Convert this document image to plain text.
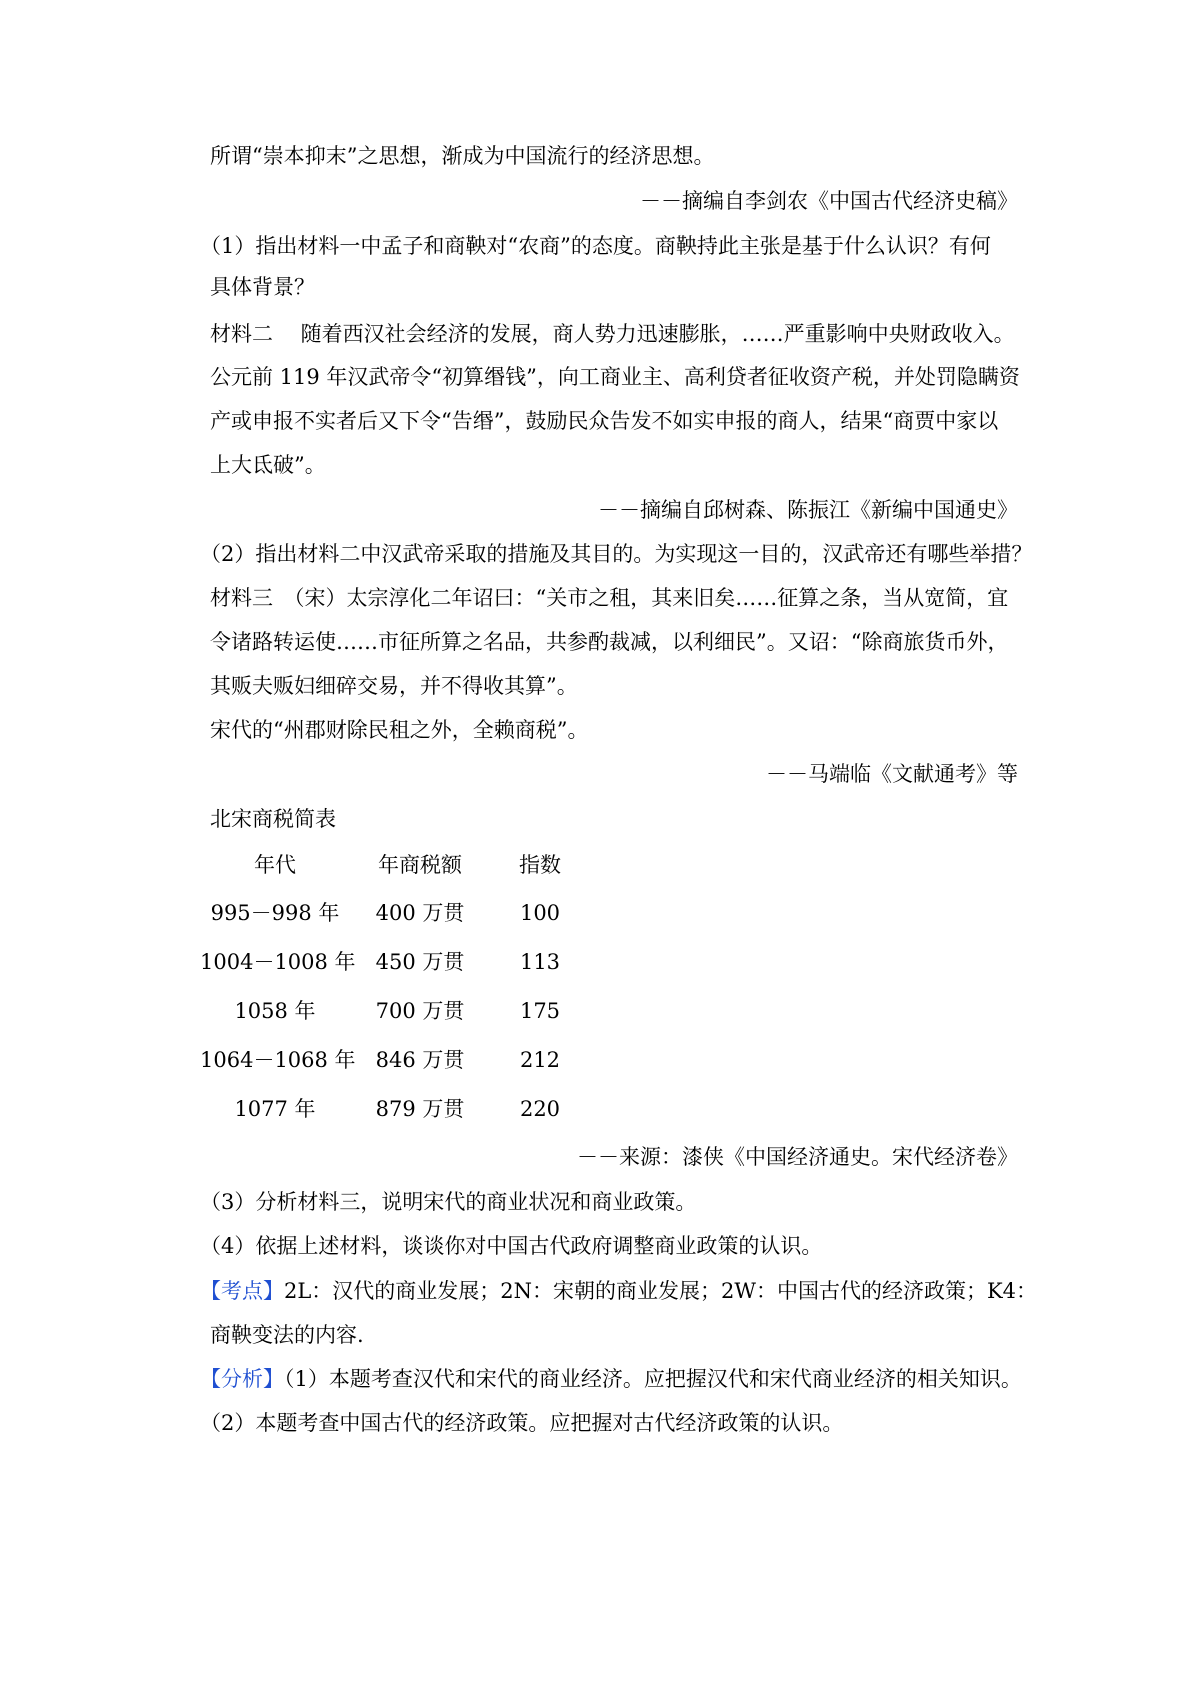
所谓“崇本抑末”之思想，渐成为中国流行的经济思想。
－－摘编自李剑农《中国古代经济史稿》
（1）指出材料一中孟子和商鞅对“农商”的态度。商鞅持此主张是基于什么认识？有何
具体背景？
材料二　 随着西汉社会经济的发展，商人势力迅速膨胀，……严重影响中央财政收入。
公元前 119 年汉武帝令“初算缗钱”，向工商业主、高利贷者征收资产税，并处罚隐瞒资
产或申报不实者后又下令“告缗”，鼓励民众告发不如实申报的商人，结果“商贾中家以
上大氐破”。
－－摘编自邱树森、陈振江《新编中国通史》
（2）指出材料二中汉武帝采取的措施及其目的。为实现这一目的，汉武帝还有哪些举措？
材料三　（宋）太宗淳化二年诏曰：“关市之租，其来旧矣……征算之条，当从宽简，宜
令诸路转运使……市征所算之名品，共参酌裁减，以利细民”。又诏：“除商旅货币外，
其贩夫贩妇细碎交易，并不得收其算”。
宋代的“州郡财除民租之外，全赖商税”。
－－马端临《文献通考》等
北宋商税简表
年代	年商税额	指数
995－998 年	400 万贯	100
1004－1008 年 450 万贯	113
1058 年	700 万贯	175
1064－1068 年 846 万贯	212
1077 年	879 万贯	220
－－来源：漆侠《中国经济通史。宋代经济卷》
（3）分析材料三，说明宋代的商业状况和商业政策。
（4）依据上述材料，谈谈你对中国古代政府调整商业政策的认识。
【考点】2L：汉代的商业发展；2N：宋朝的商业发展；2W：中国古代的经济政策；K4：
商鞅变法的内容.
【分析】（1）本题考查汉代和宋代的商业经济。应把握汉代和宋代商业经济的相关知识。
（2）本题考查中国古代的经济政策。应把握对古代经济政策的认识。
